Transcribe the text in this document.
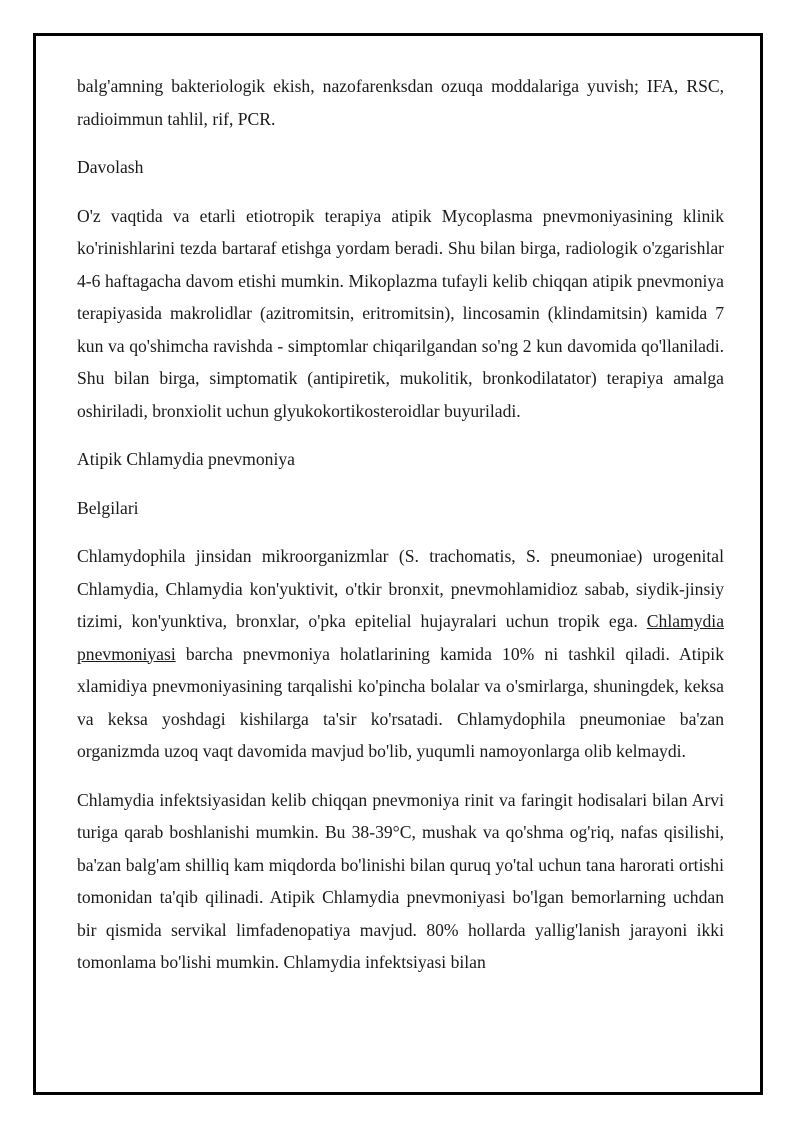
balg'amning bakteriologik ekish, nazofarenksdan ozuqa moddalariga yuvish; IFA, RSC, radioimmun tahlil, rif, PCR.

Davolash

O'z vaqtida va etarli etiotropik terapiya atipik Mycoplasma pnevmoniyasining klinik ko'rinishlarini tezda bartaraf etishga yordam beradi. Shu bilan birga, radiologik o'zgarishlar 4-6 haftagacha davom etishi mumkin. Mikoplazma tufayli kelib chiqqan atipik pnevmoniya terapiyasida makrolidlar (azitromitsin, eritromitsin), lincosamin (klindamitsin) kamida 7 kun va qo'shimcha ravishda - simptomlar chiqarilgandan so'ng 2 kun davomida qo'llaniladi. Shu bilan birga, simptomatik (antipiretik, mukolitik, bronkodilatator) terapiya amalga oshiriladi, bronxiolit uchun glyukokortikosteroidlar buyuriladi.

Atipik Chlamydia pnevmoniya

Belgilari

Chlamydophila jinsidan mikroorganizmlar (S. trachomatis, S. pneumoniae) urogenital Chlamydia, Chlamydia kon'yuktivit, o'tkir bronxit, pnevmohlamidioz sabab, siydik-jinsiy tizimi, kon'yunktiva, bronxlar, o'pka epitelial hujayralari uchun tropik ega. Chlamydia pnevmoniyasi barcha pnevmoniya holatlarining kamida 10% ni tashkil qiladi. Atipik xlamidiya pnevmoniyasining tarqalishi ko'pincha bolalar va o'smirlarga, shuningdek, keksa va keksa yoshdagi kishilarga ta'sir ko'rsatadi. Chlamydophila pneumoniae ba'zan organizmda uzoq vaqt davomida mavjud bo'lib, yuqumli namoyonlarga olib kelmaydi.

Chlamydia infektsiyasidan kelib chiqqan pnevmoniya rinit va faringit hodisalari bilan Arvi turiga qarab boshlanishi mumkin. Bu 38-39°C, mushak va qo'shma og'riq, nafas qisilishi, ba'zan balg'am shilliq kam miqdorda bo'linishi bilan quruq yo'tal uchun tana harorati ortishi tomonidan ta'qib qilinadi. Atipik Chlamydia pnevmoniyasi bo'lgan bemorlarning uchdan bir qismida servikal limfadenopatiya mavjud. 80% hollarda yallig'lanish jarayoni ikki tomonlama bo'lishi mumkin. Chlamydia infektsiyasi bilan
